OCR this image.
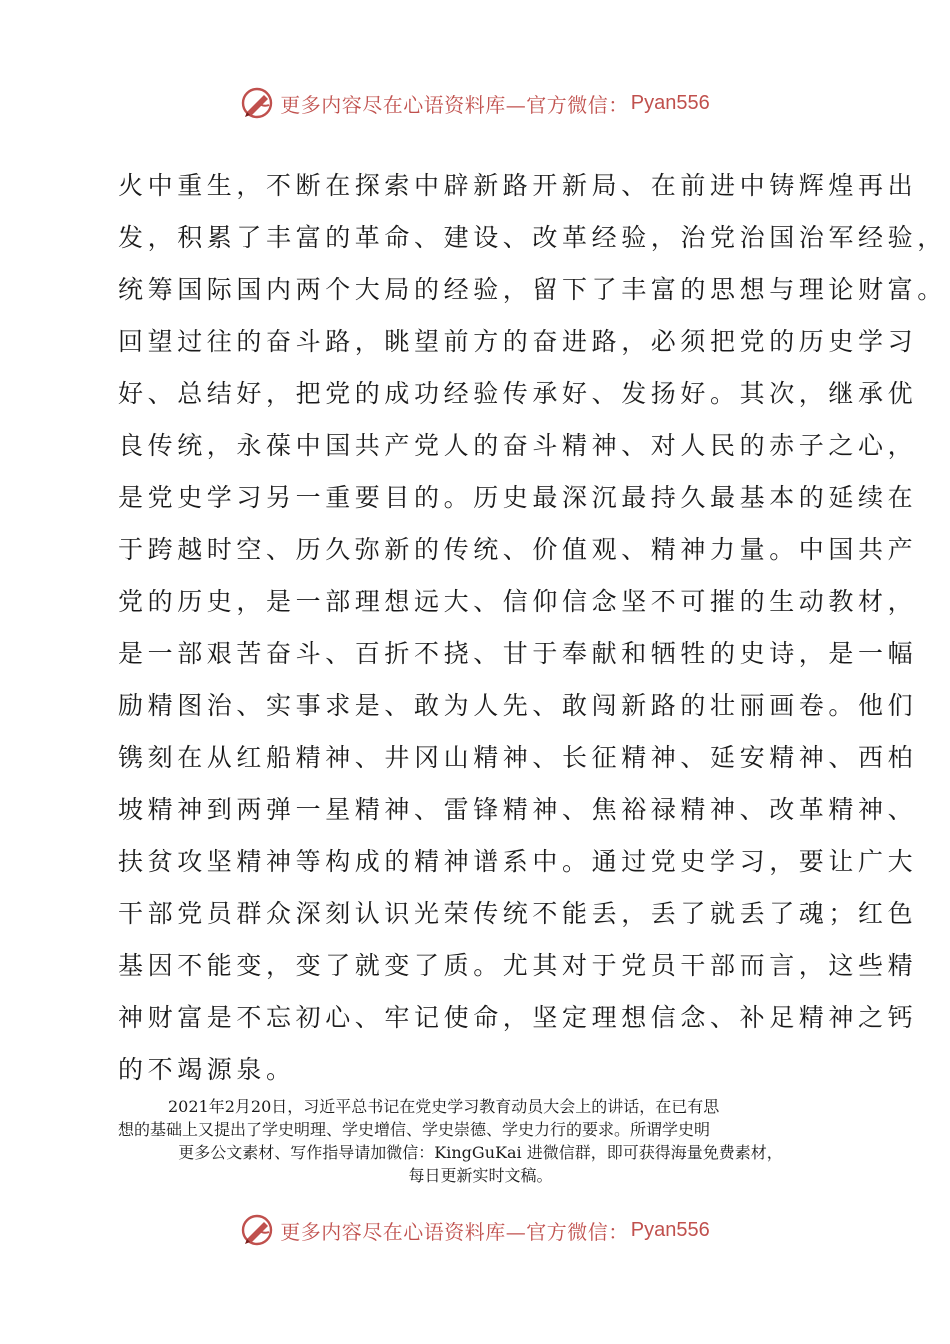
更多内容尽在心语资料库—官方微信： Pyan556
火中重生，不断在探索中辟新路开新局、在前进中铸辉煌再出
发，积累了丰富的革命、建设、改革经验，治党治国治军经验，
统筹国际国内两个大局的经验，留下了丰富的思想与理论财富。
回望过往的奋斗路，眺望前方的奋进路，必须把党的历史学习
好、总结好，把党的成功经验传承好、发扬好。其次，继承优
良传统，永葆中国共产党人的奋斗精神、对人民的赤子之心，
是党史学习另一重要目的。历史最深沉最持久最基本的延续在
于跨越时空、历久弥新的传统、价值观、精神力量。中国共产
党的历史，是一部理想远大、信仰信念坚不可摧的生动教材，
是一部艰苦奋斗、百折不挠、甘于奉献和牺牲的史诗，是一幅
励精图治、实事求是、敢为人先、敢闯新路的壮丽画卷。他们
镌刻在从红船精神、井冈山精神、长征精神、延安精神、西柏
坡精神到两弹一星精神、雷锋精神、焦裕禄精神、改革精神、
扶贫攻坚精神等构成的精神谱系中。通过党史学习，要让广大
干部党员群众深刻认识光荣传统不能丢，丢了就丢了魂；红色
基因不能变，变了就变了质。尤其对于党员干部而言，这些精
神财富是不忘初心、牢记使命，坚定理想信念、补足精神之钙
的不竭源泉。
2021年2月20日，习近平总书记在党史学习教育动员大会上的讲话，在已有思
想的基础上又提出了学史明理、学史增信、学史崇德、学史力行的要求。所谓学史明
更多公文素材、写作指导请加微信：KingGuKai 进微信群，即可获得海量免费素材，
每日更新实时文稿。
更多内容尽在心语资料库—官方微信： Pyan556
